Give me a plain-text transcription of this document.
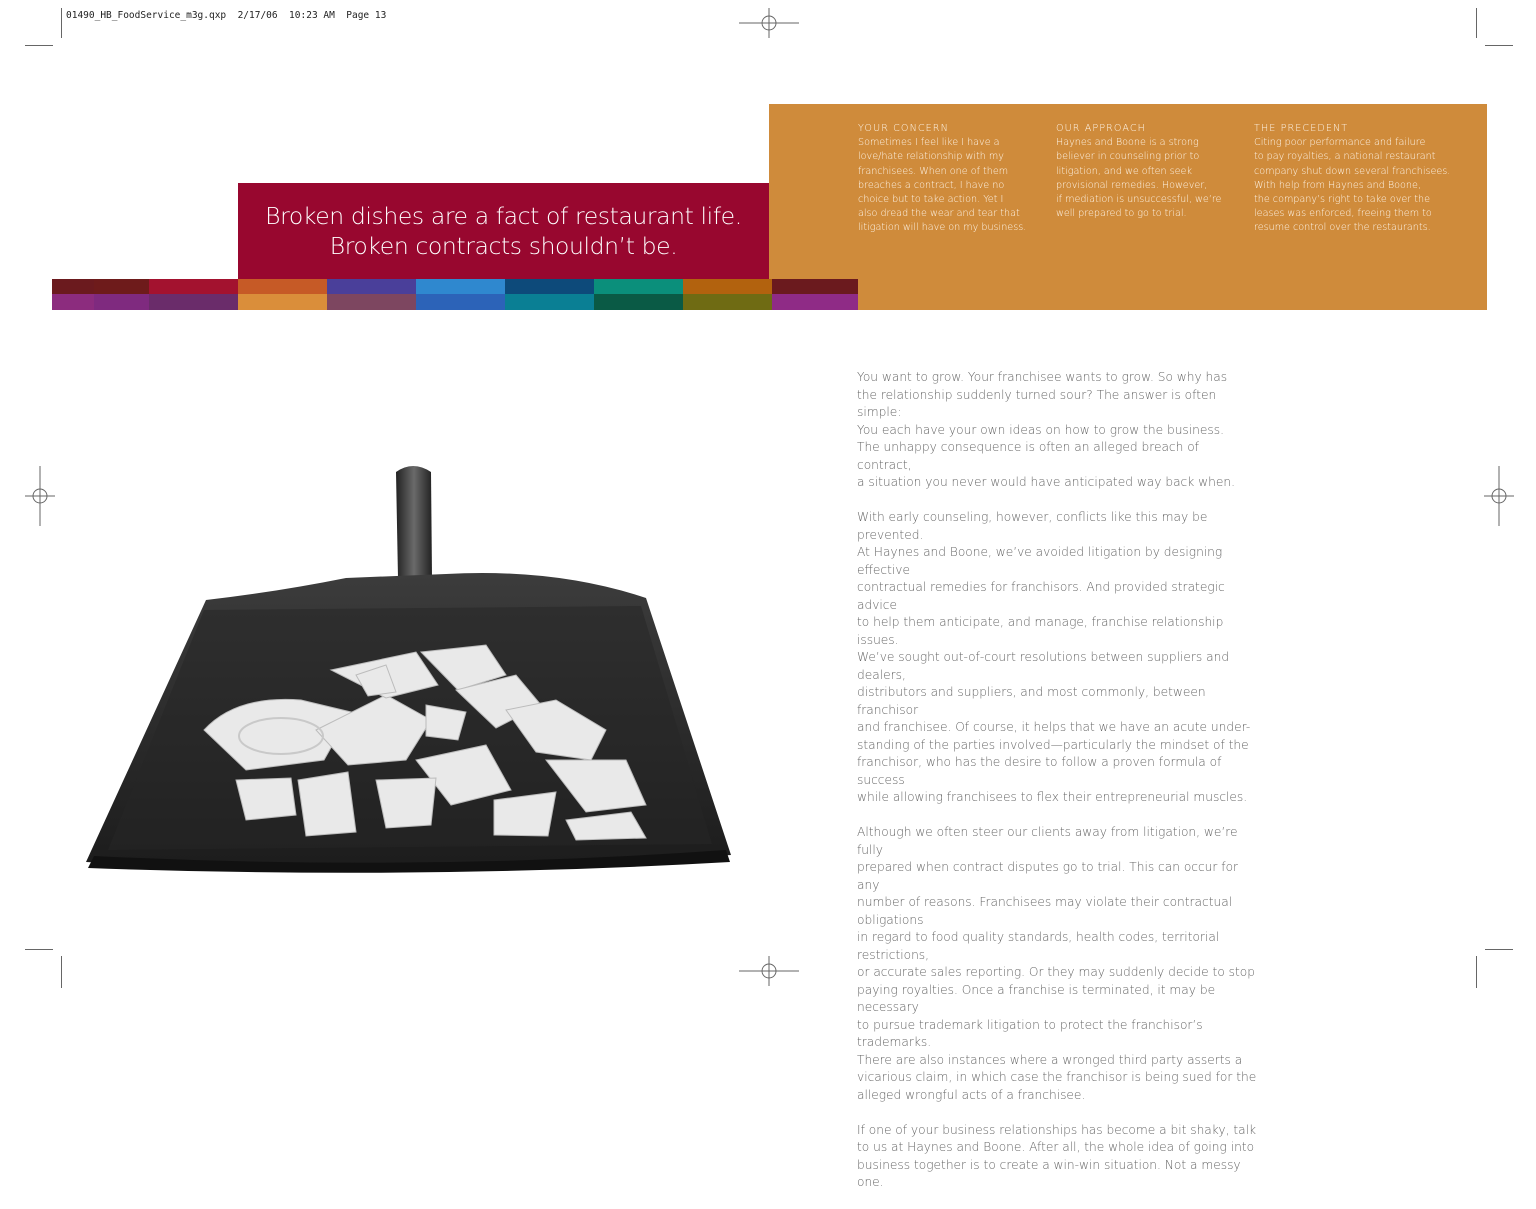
01490_HB_FoodService_m3g.qxp  2/17/06  10:23 AM  Page 13
YOUR CONCERN
Sometimes I feel like I have a
love/hate relationship with my
franchisees. When one of them
breaches a contract, I have no
choice but to take action. Yet I
also dread the wear and tear that
litigation will have on my business.
OUR APPROACH
Haynes and Boone is a strong
believer in counseling prior to
litigation, and we often seek
provisional remedies. However,
if mediation is unsuccessful, we’re
well prepared to go to trial.
THE PRECEDENT
Citing poor performance and failure
to pay royalties, a national restaurant
company shut down several franchisees.
With help from Haynes and Boone,
the company’s right to take over the
leases was enforced, freeing them to
resume control over the restaurants.
Broken dishes are a fact of restaurant life.
Broken contracts shouldn’t be.

You want to grow. Your franchisee wants to grow. So why has
the relationship suddenly turned sour? The answer is often simple:
You each have your own ideas on how to grow the business.
The unhappy consequence is often an alleged breach of contract,
a situation you never would have anticipated way back when.

With early counseling, however, conflicts like this may be prevented.
At Haynes and Boone, we’ve avoided litigation by designing effective
contractual remedies for franchisors. And provided strategic advice
to help them anticipate, and manage, franchise relationship issues.
We’ve sought out-of-court resolutions between suppliers and dealers,
distributors and suppliers, and most commonly, between franchisor
and franchisee. Of course, it helps that we have an acute under-
standing of the parties involved—particularly the mindset of the
franchisor, who has the desire to follow a proven formula of success
while allowing franchisees to flex their entrepreneurial muscles.

Although we often steer our clients away from litigation, we’re fully
prepared when contract disputes go to trial. This can occur for any
number of reasons. Franchisees may violate their contractual obligations
in regard to food quality standards, health codes, territorial restrictions,
or accurate sales reporting. Or they may suddenly decide to stop
paying royalties. Once a franchise is terminated, it may be necessary
to pursue trademark litigation to protect the franchisor’s trademarks.
There are also instances where a wronged third party asserts a
vicarious claim, in which case the franchisor is being sued for the
alleged wrongful acts of a franchisee.

If one of your business relationships has become a bit shaky, talk
to us at Haynes and Boone. After all, the whole idea of going into
business together is to create a win-win situation. Not a messy one.
